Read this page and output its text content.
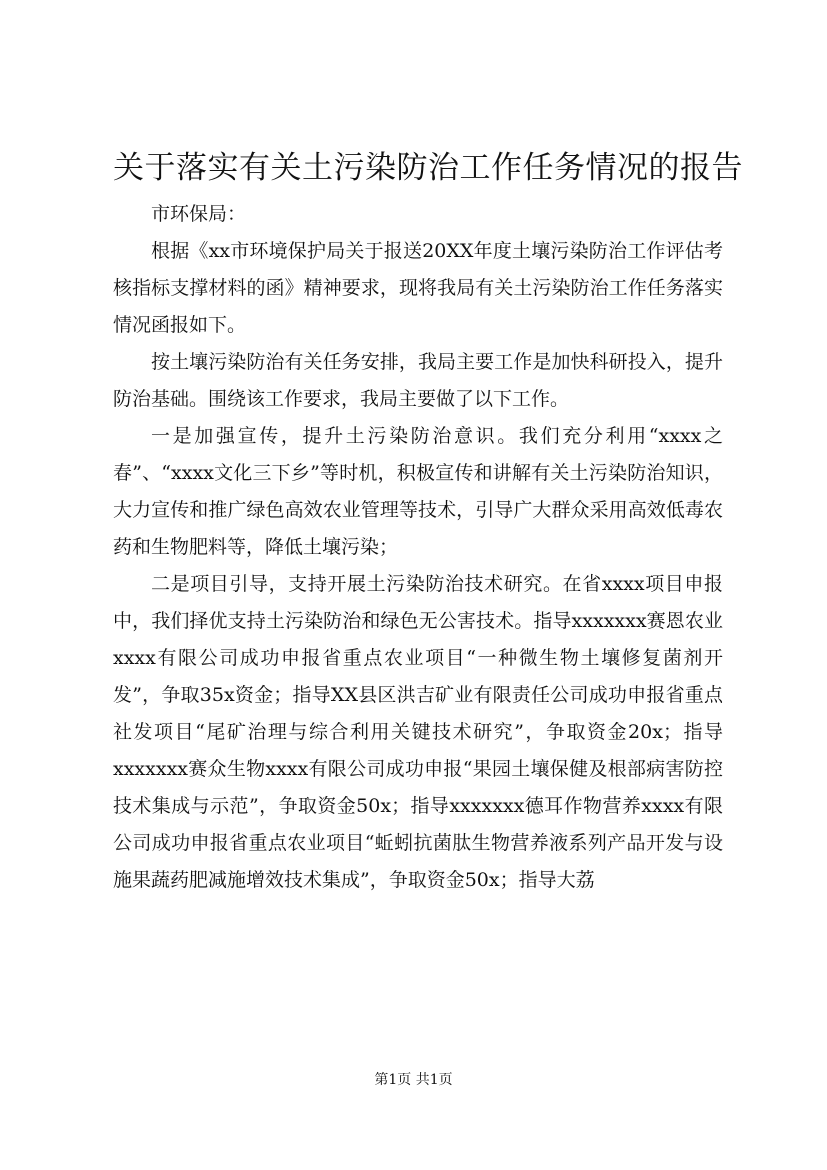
关于落实有关土污染防治工作任务情况的报告

市环保局：

根据《xx市环境保护局关于报送20XX年度土壤污染防治工作评估考核指标支撑材料的函》精神要求，现将我局有关土污染防治工作任务落实情况函报如下。

按土壤污染防治有关任务安排，我局主要工作是加快科研投入，提升防治基础。围绕该工作要求，我局主要做了以下工作。

一是加强宣传，提升土污染防治意识。我们充分利用“xxxx之春”、“xxxx文化三下乡”等时机，积极宣传和讲解有关土污染防治知识，大力宣传和推广绿色高效农业管理等技术，引导广大群众采用高效低毒农药和生物肥料等，降低土壤污染；

二是项目引导，支持开展土污染防治技术研究。在省xxxx项目申报中，我们择优支持土污染防治和绿色无公害技术。指导xxxxxxx赛恩农业xxxx有限公司成功申报省重点农业项目“一种微生物土壤修复菌剂开发”，争取35x资金；指导XX县区洪吉矿业有限责任公司成功申报省重点社发项目“尾矿治理与综合利用关键技术研究”，争取资金20x；指导xxxxxxx赛众生物xxxx有限公司成功申报“果园土壤保健及根部病害防控技术集成与示范”，争取资金50x；指导xxxxxxx德耳作物营养xxxx有限公司成功申报省重点农业项目“蚯蚓抗菌肽生物营养液系列产品开发与设施果蔬药肥减施增效技术集成”，争取资金50x；指导大荔

第1页 共1页
